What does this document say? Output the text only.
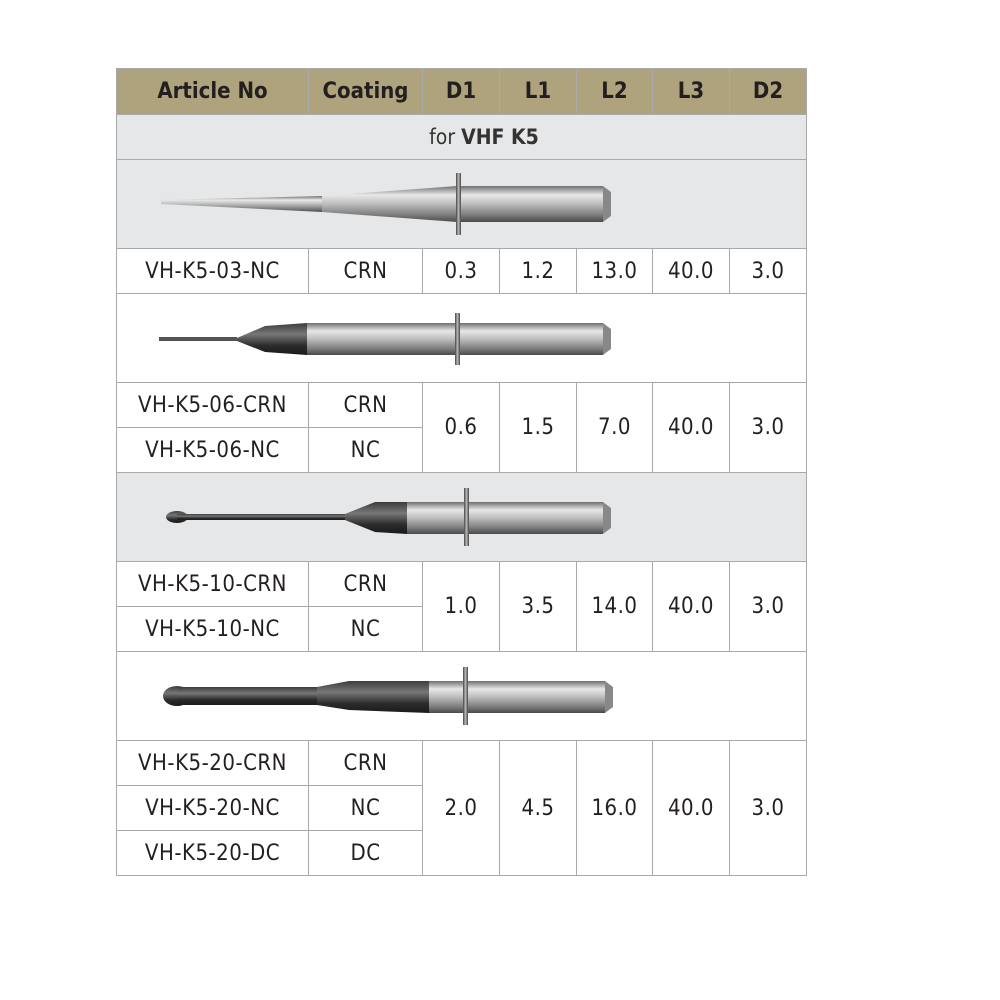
Article No	Coating	D1	L1	L2	L3	D2
for VHF K5						

VH-K5-03-NC	CRN	0.3	1.2	13.0	40.0	3.0

VH-K5-06-CRN	CRN	0.6	1.5	7.0	40.0	3.0
VH-K5-06-NC	NC					

VH-K5-10-CRN	CRN	1.0	3.5	14.0	40.0	3.0
VH-K5-10-NC	NC					

VH-K5-20-CRN	CRN	2.0	4.5	16.0	40.0	3.0
VH-K5-20-NC	NC					
VH-K5-20-DC	DC					
